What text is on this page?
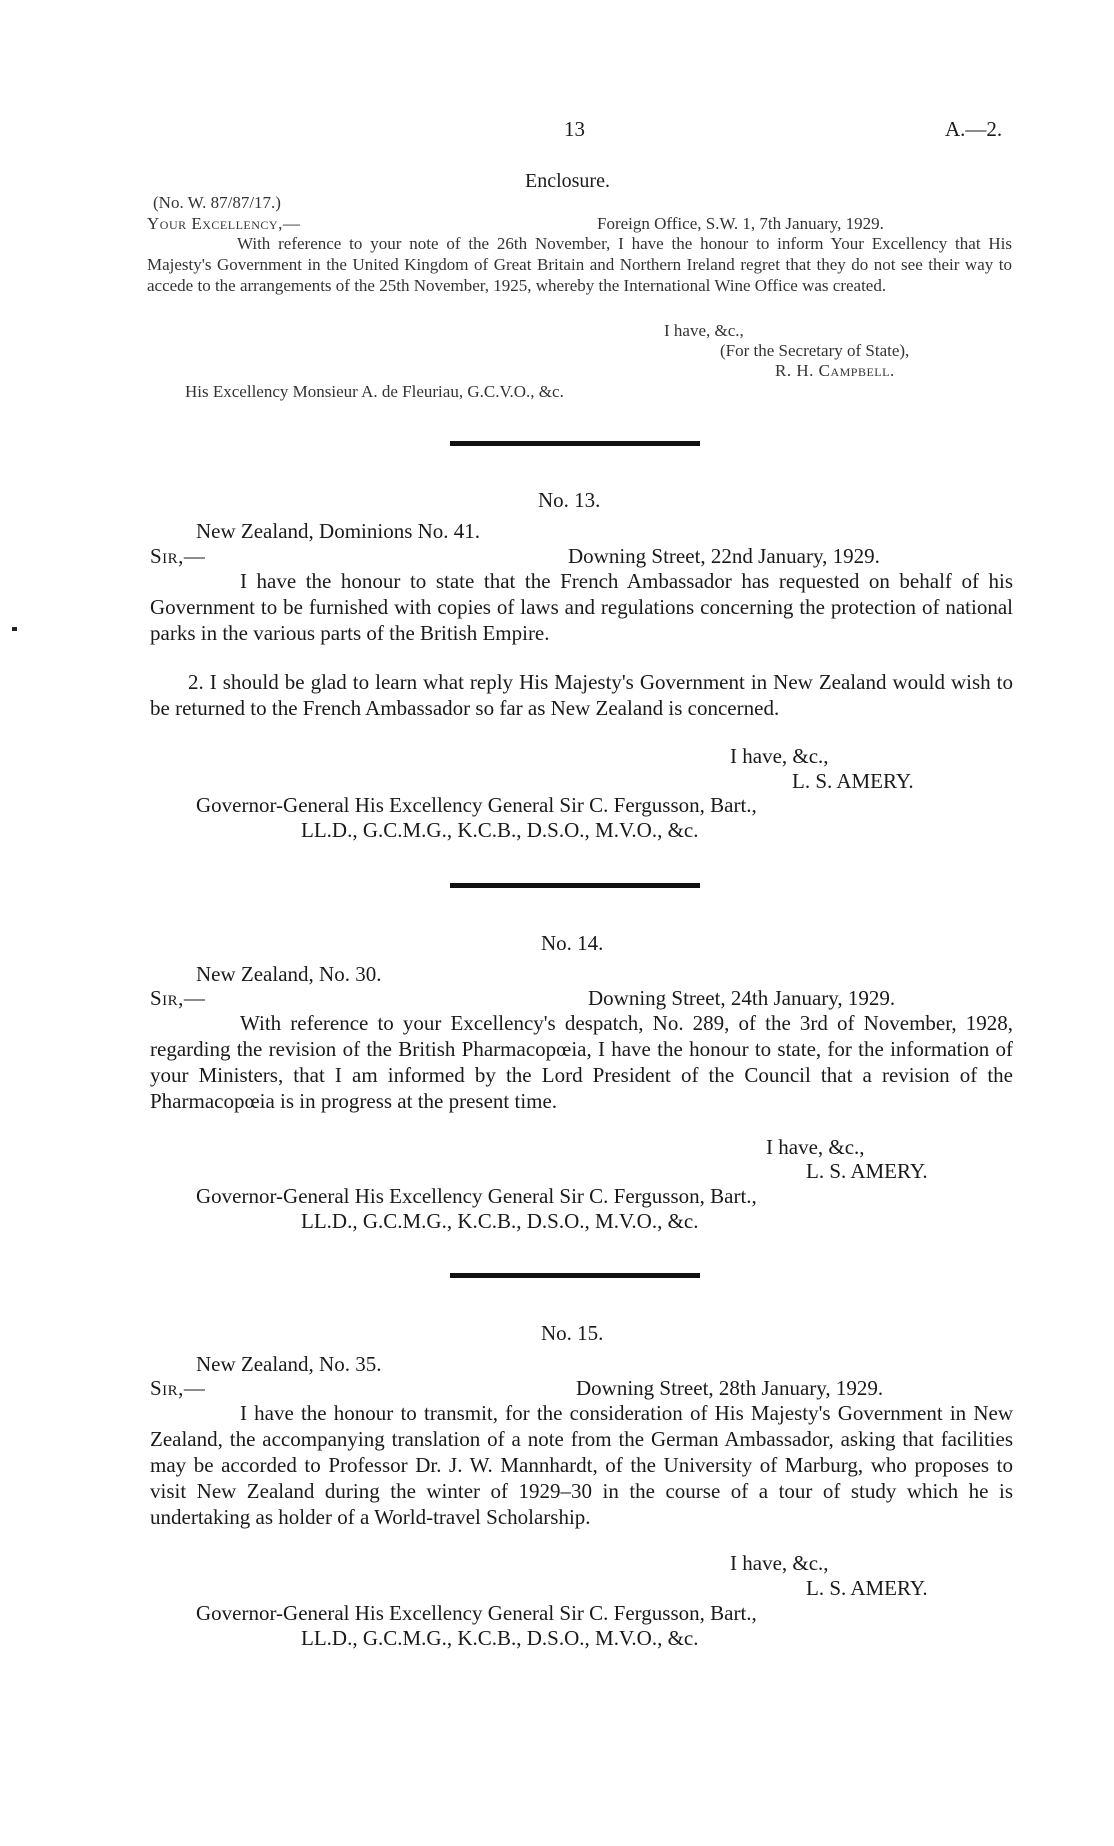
13	A.—2.
Enclosure.
(No. W. 87/87/17.)
Your Excellency,—	Foreign Office, S.W. 1, 7th January, 1929.
With reference to your note of the 26th November, I have the honour to inform Your Excellency that His Majesty's Government in the United Kingdom of Great Britain and Northern Ireland regret that they do not see their way to accede to the arrangements of the 25th November, 1925, whereby the International Wine Office was created.
I have, &c.,
(For the Secretary of State),
R. H. Campbell.
His Excellency Monsieur A. de Fleuriau, G.C.V.O., &c.
No. 13.
New Zealand, Dominions No. 41.
Sir,—	Downing Street, 22nd January, 1929.
I have the honour to state that the French Ambassador has requested on behalf of his Government to be furnished with copies of laws and regulations concerning the protection of national parks in the various parts of the British Empire.
2. I should be glad to learn what reply His Majesty's Government in New Zealand would wish to be returned to the French Ambassador so far as New Zealand is concerned.
I have, &c.,
L. S. AMERY.
Governor-General His Excellency General Sir C. Fergusson, Bart.,
LL.D., G.C.M.G., K.C.B., D.S.O., M.V.O., &c.
No. 14.
New Zealand, No. 30.
Sir,—	Downing Street, 24th January, 1929.
With reference to your Excellency's despatch, No. 289, of the 3rd of November, 1928, regarding the revision of the British Pharmacopœia, I have the honour to state, for the information of your Ministers, that I am informed by the Lord President of the Council that a revision of the Pharmacopœia is in progress at the present time.
I have, &c.,
L. S. AMERY.
Governor-General His Excellency General Sir C. Fergusson, Bart.,
LL.D., G.C.M.G., K.C.B., D.S.O., M.V.O., &c.
No. 15.
New Zealand, No. 35.
Sir,—	Downing Street, 28th January, 1929.
I have the honour to transmit, for the consideration of His Majesty's Government in New Zealand, the accompanying translation of a note from the German Ambassador, asking that facilities may be accorded to Professor Dr. J. W. Mannhardt, of the University of Marburg, who proposes to visit New Zealand during the winter of 1929–30 in the course of a tour of study which he is undertaking as holder of a World-travel Scholarship.
I have, &c.,
L. S. AMERY.
Governor-General His Excellency General Sir C. Fergusson, Bart.,
LL.D., G.C.M.G., K.C.B., D.S.O., M.V.O., &c.
